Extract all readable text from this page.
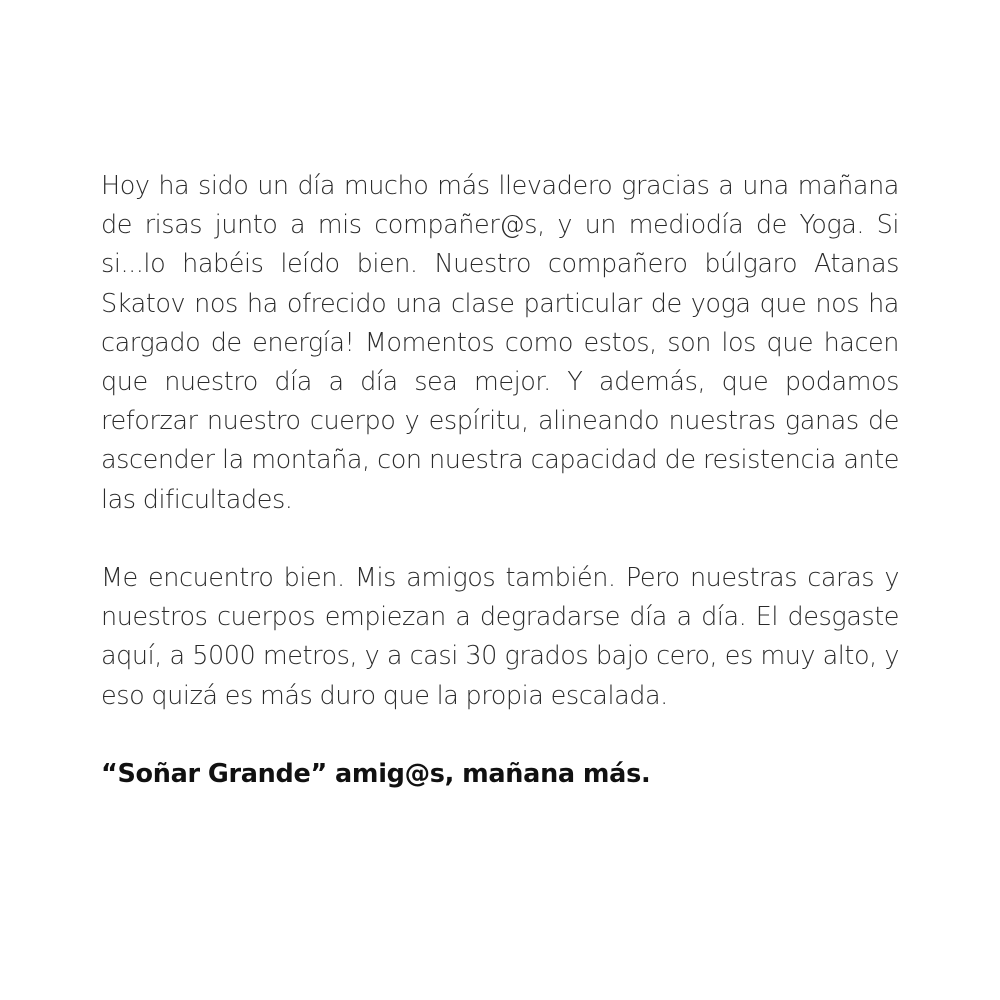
Hoy ha sido un día mucho más llevadero gracias a una mañana de risas junto a mis compañer@s, y un mediodía de Yoga. Si si...lo habéis leído bien. Nuestro compañero búlgaro Atanas Skatov nos ha ofrecido una clase particular de yoga que nos ha cargado de energía! Momentos como estos, son los que hacen que nuestro día a día sea mejor. Y además, que podamos reforzar nuestro cuerpo y espíritu, alineando nuestras ganas de ascender la montaña, con nuestra capacidad de resistencia ante las dificultades.

Me encuentro bien. Mis amigos también. Pero nuestras caras y nuestros cuerpos empiezan a degradarse día a día. El desgaste aquí, a 5000 metros, y a casi 30 grados bajo cero, es muy alto, y eso quizá es más duro que la propia escalada.

“Soñar Grande” amig@s, mañana más.
